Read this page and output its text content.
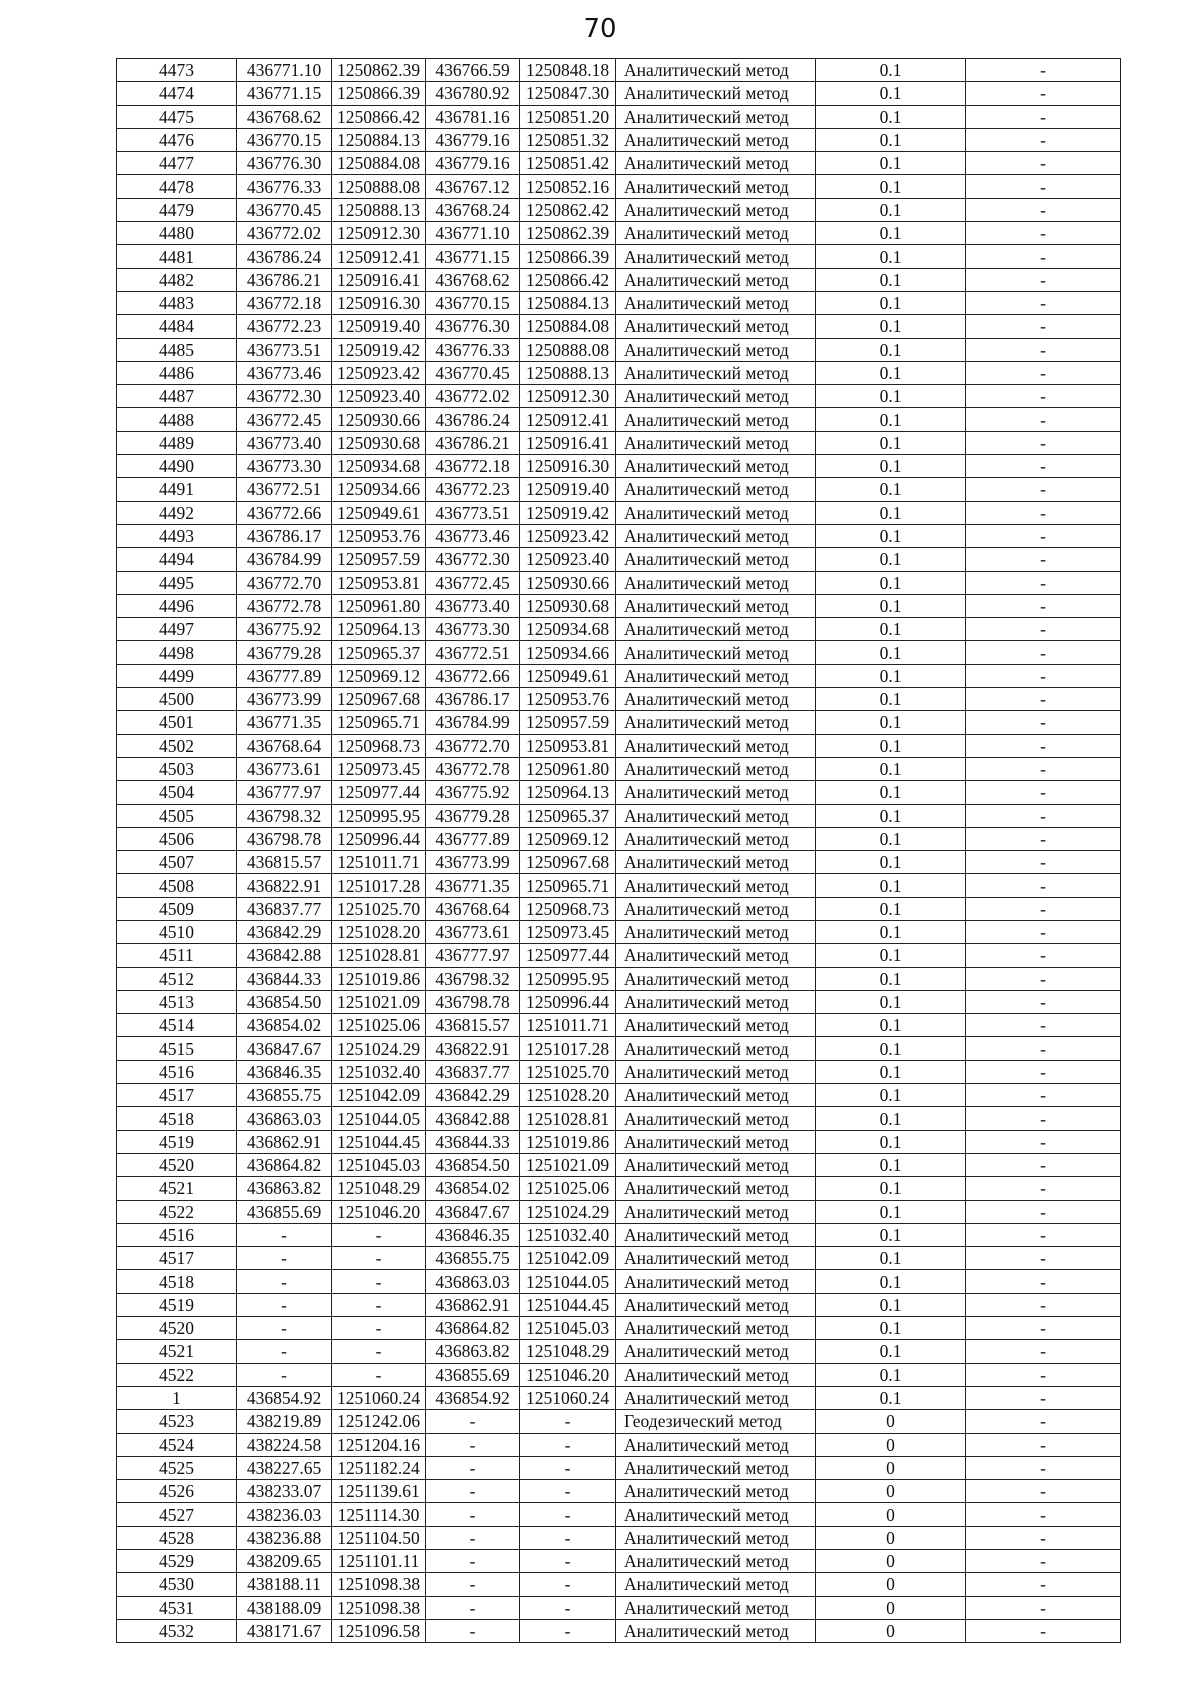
70
4473	436771.10	1250862.39	436766.59	1250848.18	Аналитический метод	0.1	-
4474	436771.15	1250866.39	436780.92	1250847.30	Аналитический метод	0.1	-
4475	436768.62	1250866.42	436781.16	1250851.20	Аналитический метод	0.1	-
4476	436770.15	1250884.13	436779.16	1250851.32	Аналитический метод	0.1	-
4477	436776.30	1250884.08	436779.16	1250851.42	Аналитический метод	0.1	-
4478	436776.33	1250888.08	436767.12	1250852.16	Аналитический метод	0.1	-
4479	436770.45	1250888.13	436768.24	1250862.42	Аналитический метод	0.1	-
4480	436772.02	1250912.30	436771.10	1250862.39	Аналитический метод	0.1	-
4481	436786.24	1250912.41	436771.15	1250866.39	Аналитический метод	0.1	-
4482	436786.21	1250916.41	436768.62	1250866.42	Аналитический метод	0.1	-
4483	436772.18	1250916.30	436770.15	1250884.13	Аналитический метод	0.1	-
4484	436772.23	1250919.40	436776.30	1250884.08	Аналитический метод	0.1	-
4485	436773.51	1250919.42	436776.33	1250888.08	Аналитический метод	0.1	-
4486	436773.46	1250923.42	436770.45	1250888.13	Аналитический метод	0.1	-
4487	436772.30	1250923.40	436772.02	1250912.30	Аналитический метод	0.1	-
4488	436772.45	1250930.66	436786.24	1250912.41	Аналитический метод	0.1	-
4489	436773.40	1250930.68	436786.21	1250916.41	Аналитический метод	0.1	-
4490	436773.30	1250934.68	436772.18	1250916.30	Аналитический метод	0.1	-
4491	436772.51	1250934.66	436772.23	1250919.40	Аналитический метод	0.1	-
4492	436772.66	1250949.61	436773.51	1250919.42	Аналитический метод	0.1	-
4493	436786.17	1250953.76	436773.46	1250923.42	Аналитический метод	0.1	-
4494	436784.99	1250957.59	436772.30	1250923.40	Аналитический метод	0.1	-
4495	436772.70	1250953.81	436772.45	1250930.66	Аналитический метод	0.1	-
4496	436772.78	1250961.80	436773.40	1250930.68	Аналитический метод	0.1	-
4497	436775.92	1250964.13	436773.30	1250934.68	Аналитический метод	0.1	-
4498	436779.28	1250965.37	436772.51	1250934.66	Аналитический метод	0.1	-
4499	436777.89	1250969.12	436772.66	1250949.61	Аналитический метод	0.1	-
4500	436773.99	1250967.68	436786.17	1250953.76	Аналитический метод	0.1	-
4501	436771.35	1250965.71	436784.99	1250957.59	Аналитический метод	0.1	-
4502	436768.64	1250968.73	436772.70	1250953.81	Аналитический метод	0.1	-
4503	436773.61	1250973.45	436772.78	1250961.80	Аналитический метод	0.1	-
4504	436777.97	1250977.44	436775.92	1250964.13	Аналитический метод	0.1	-
4505	436798.32	1250995.95	436779.28	1250965.37	Аналитический метод	0.1	-
4506	436798.78	1250996.44	436777.89	1250969.12	Аналитический метод	0.1	-
4507	436815.57	1251011.71	436773.99	1250967.68	Аналитический метод	0.1	-
4508	436822.91	1251017.28	436771.35	1250965.71	Аналитический метод	0.1	-
4509	436837.77	1251025.70	436768.64	1250968.73	Аналитический метод	0.1	-
4510	436842.29	1251028.20	436773.61	1250973.45	Аналитический метод	0.1	-
4511	436842.88	1251028.81	436777.97	1250977.44	Аналитический метод	0.1	-
4512	436844.33	1251019.86	436798.32	1250995.95	Аналитический метод	0.1	-
4513	436854.50	1251021.09	436798.78	1250996.44	Аналитический метод	0.1	-
4514	436854.02	1251025.06	436815.57	1251011.71	Аналитический метод	0.1	-
4515	436847.67	1251024.29	436822.91	1251017.28	Аналитический метод	0.1	-
4516	436846.35	1251032.40	436837.77	1251025.70	Аналитический метод	0.1	-
4517	436855.75	1251042.09	436842.29	1251028.20	Аналитический метод	0.1	-
4518	436863.03	1251044.05	436842.88	1251028.81	Аналитический метод	0.1	-
4519	436862.91	1251044.45	436844.33	1251019.86	Аналитический метод	0.1	-
4520	436864.82	1251045.03	436854.50	1251021.09	Аналитический метод	0.1	-
4521	436863.82	1251048.29	436854.02	1251025.06	Аналитический метод	0.1	-
4522	436855.69	1251046.20	436847.67	1251024.29	Аналитический метод	0.1	-
4516	-	-	436846.35	1251032.40	Аналитический метод	0.1	-
4517	-	-	436855.75	1251042.09	Аналитический метод	0.1	-
4518	-	-	436863.03	1251044.05	Аналитический метод	0.1	-
4519	-	-	436862.91	1251044.45	Аналитический метод	0.1	-
4520	-	-	436864.82	1251045.03	Аналитический метод	0.1	-
4521	-	-	436863.82	1251048.29	Аналитический метод	0.1	-
4522	-	-	436855.69	1251046.20	Аналитический метод	0.1	-
1	436854.92	1251060.24	436854.92	1251060.24	Аналитический метод	0.1	-
4523	438219.89	1251242.06	-	-	Геодезический метод	0	-
4524	438224.58	1251204.16	-	-	Аналитический метод	0	-
4525	438227.65	1251182.24	-	-	Аналитический метод	0	-
4526	438233.07	1251139.61	-	-	Аналитический метод	0	-
4527	438236.03	1251114.30	-	-	Аналитический метод	0	-
4528	438236.88	1251104.50	-	-	Аналитический метод	0	-
4529	438209.65	1251101.11	-	-	Аналитический метод	0	-
4530	438188.11	1251098.38	-	-	Аналитический метод	0	-
4531	438188.09	1251098.38	-	-	Аналитический метод	0	-
4532	438171.67	1251096.58	-	-	Аналитический метод	0	-
